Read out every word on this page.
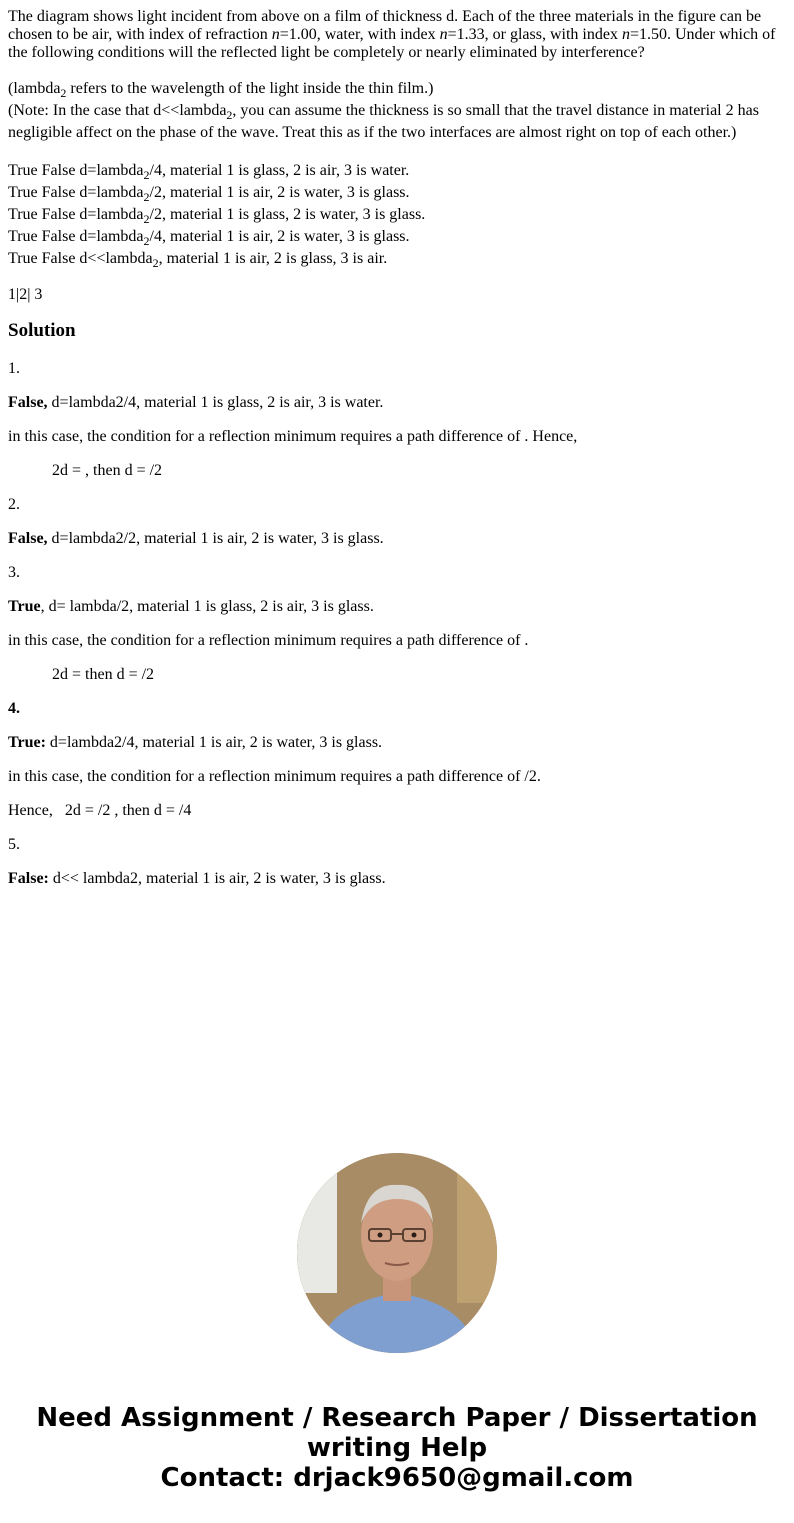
The diagram shows light incident from above on a film of thickness d. Each of the three materials in the figure can be chosen to be air, with index of refraction n=1.00, water, with index n=1.33, or glass, with index n=1.50. Under which of the following conditions will the reflected light be completely or nearly eliminated by interference?

(lambda$_2$ refers to the wavelength of the light inside the thin film.)
(Note: In the case that d<<lambda$_2$, you can assume the thickness is so small that the travel distance in material 2 has negligible affect on the phase of the wave. Treat this as if the two interfaces are almost right on top of each other.)

True False d=lambda$_2$/4, material 1 is glass, 2 is air, 3 is water.
True False d=lambda$_2$/2, material 1 is air, 2 is water, 3 is glass.
True False d=lambda$_2$/2, material 1 is glass, 2 is water, 3 is glass.
True False d=lambda$_2$/4, material 1 is air, 2 is water, 3 is glass.
True False d<<lambda$_2$, material 1 is air, 2 is glass, 3 is air.

1|2| 3

Solution

1.

False, d=lambda2/4, material 1 is glass, 2 is air, 3 is water.

in this case, the condition for a reflection minimum requires a path difference of . Hence,

2d = , then d = /2

2.

False, d=lambda2/2, material 1 is air, 2 is water, 3 is glass.

3.

True, d= lambda/2, material 1 is glass, 2 is air, 3 is glass.

in this case, the condition for a reflection minimum requires a path difference of .

2d = then d = /2

4.

True: d=lambda2/4, material 1 is air, 2 is water, 3 is glass.

in this case, the condition for a reflection minimum requires a path difference of /2.

Hence,   2d = /2 , then d = /4

5.

False: d<< lambda2, material 1 is air, 2 is water, 3 is glass.

Need Assignment / Research Paper / Dissertation
writing Help
Contact: drjack9650@gmail.com
